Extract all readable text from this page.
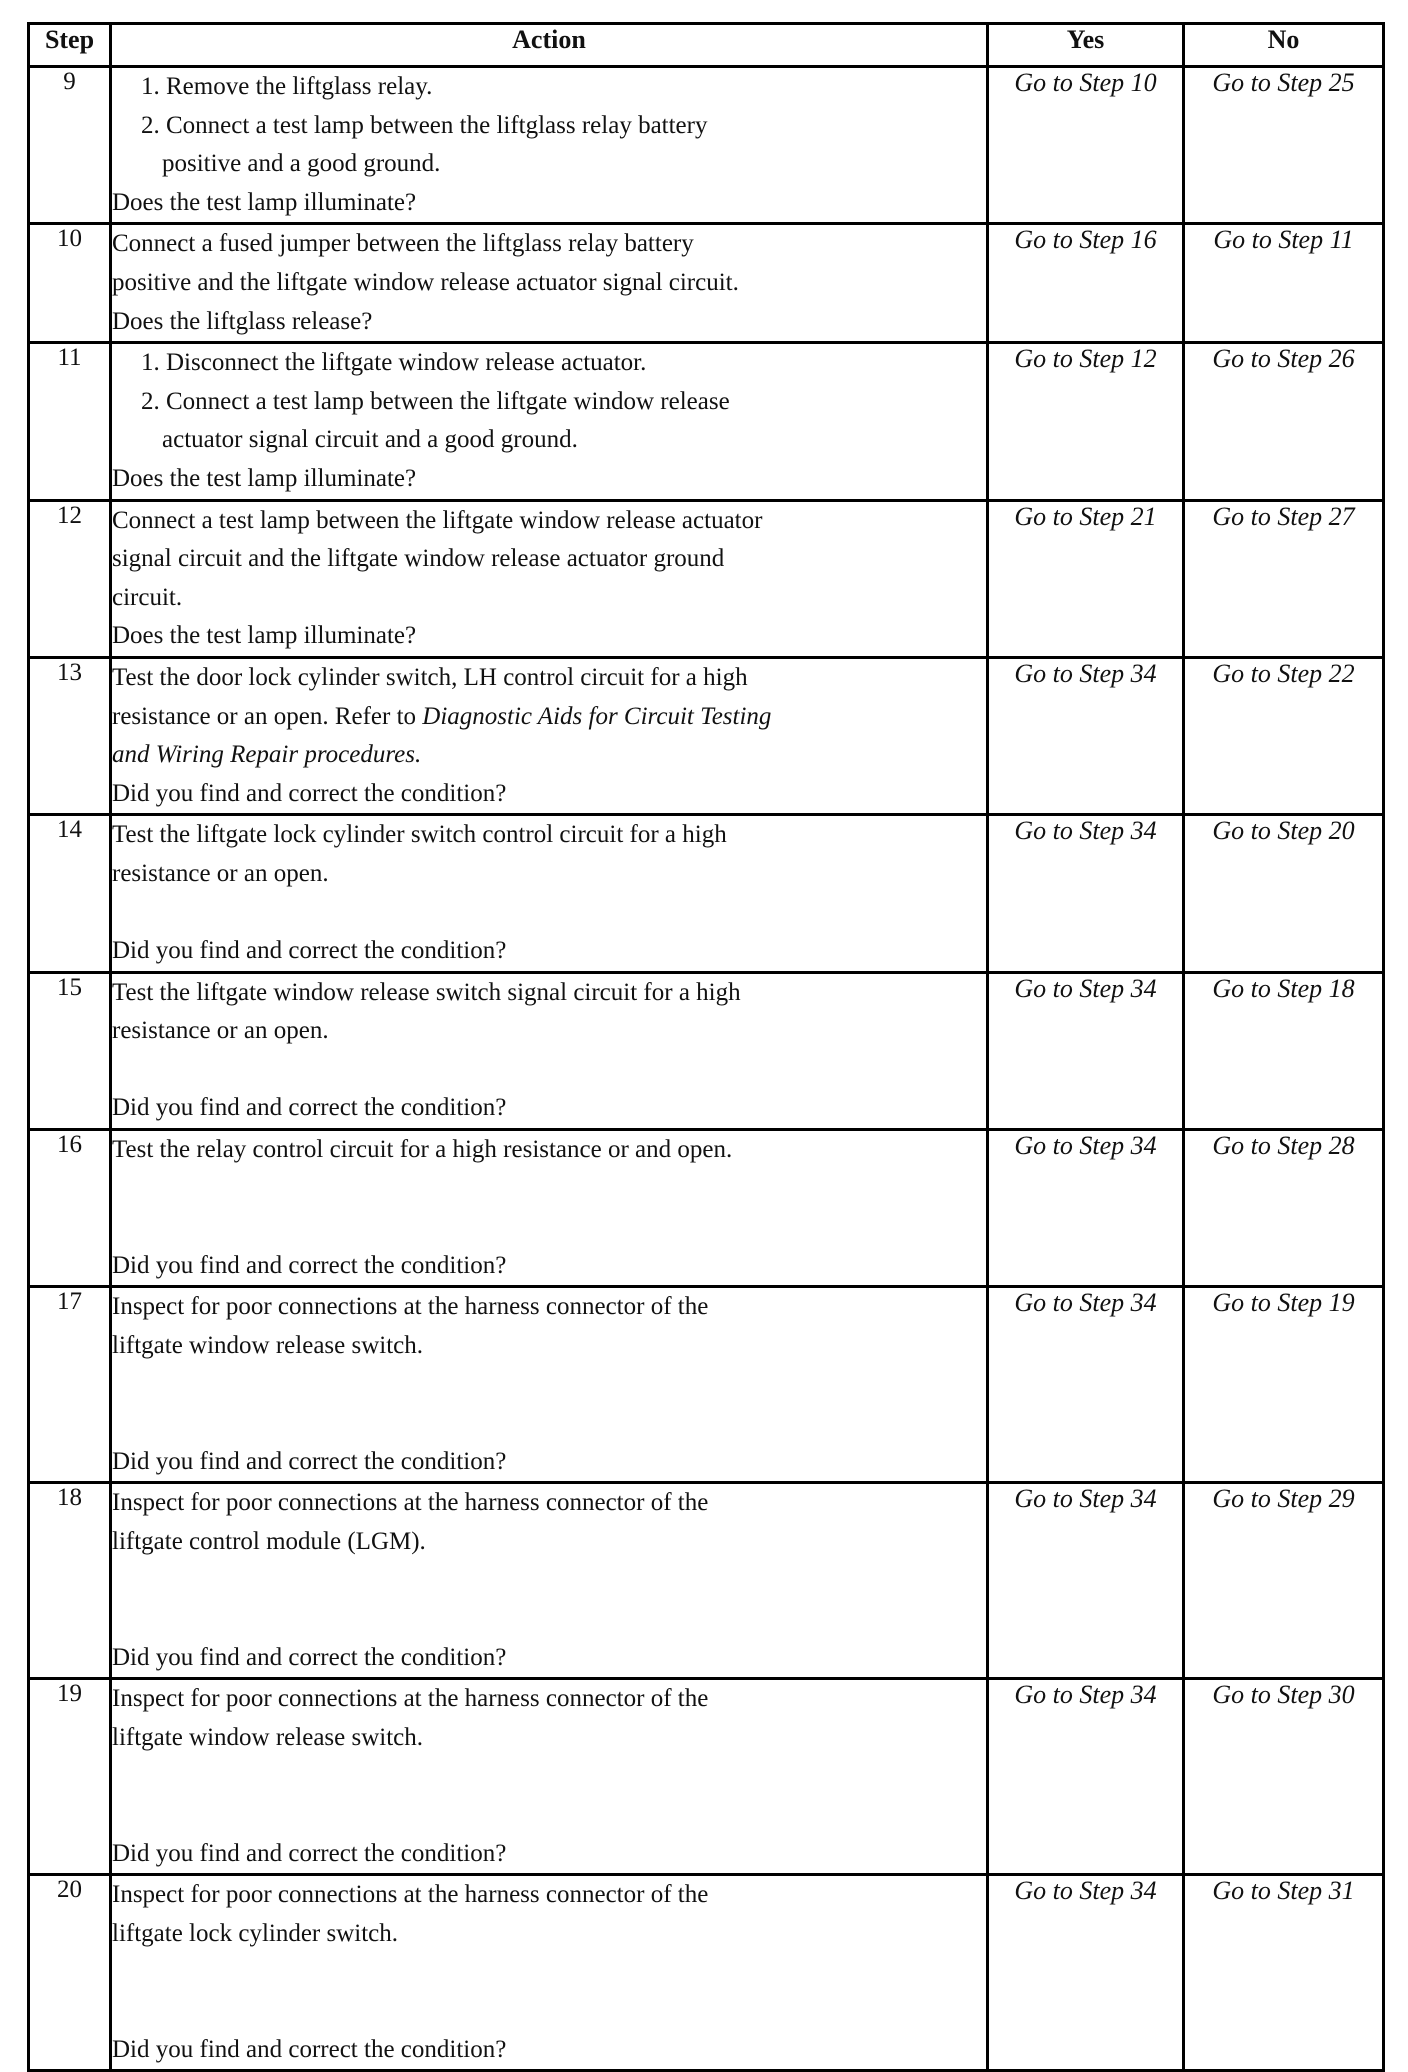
Step	Action	Yes	No
9	1. Remove the liftglass relay.
2. Connect a test lamp between the liftglass relay battery
positive and a good ground.
Does the test lamp illuminate?	Go to Step 10	Go to Step 25
10	Connect a fused jumper between the liftglass relay battery
positive and the liftgate window release actuator signal circuit.
Does the liftglass release?	Go to Step 16	Go to Step 11
11	1. Disconnect the liftgate window release actuator.
2. Connect a test lamp between the liftgate window release
actuator signal circuit and a good ground.
Does the test lamp illuminate?	Go to Step 12	Go to Step 26
12	Connect a test lamp between the liftgate window release actuator
signal circuit and the liftgate window release actuator ground
circuit.
Does the test lamp illuminate?	Go to Step 21	Go to Step 27
13	Test the door lock cylinder switch, LH control circuit for a high
resistance or an open. Refer to Diagnostic Aids for Circuit Testing
and Wiring Repair procedures.
Did you find and correct the condition?	Go to Step 34	Go to Step 22
14	Test the liftgate lock cylinder switch control circuit for a high
resistance or an open.
Did you find and correct the condition?	Go to Step 34	Go to Step 20
15	Test the liftgate window release switch signal circuit for a high
resistance or an open.
Did you find and correct the condition?	Go to Step 34	Go to Step 18
16	Test the relay control circuit for a high resistance or and open.
Did you find and correct the condition?	Go to Step 34	Go to Step 28
17	Inspect for poor connections at the harness connector of the
liftgate window release switch.
Did you find and correct the condition?	Go to Step 34	Go to Step 19
18	Inspect for poor connections at the harness connector of the
liftgate control module (LGM).
Did you find and correct the condition?	Go to Step 34	Go to Step 29
19	Inspect for poor connections at the harness connector of the
liftgate window release switch.
Did you find and correct the condition?	Go to Step 34	Go to Step 30
20	Inspect for poor connections at the harness connector of the
liftgate lock cylinder switch.
Did you find and correct the condition?	Go to Step 34	Go to Step 31
